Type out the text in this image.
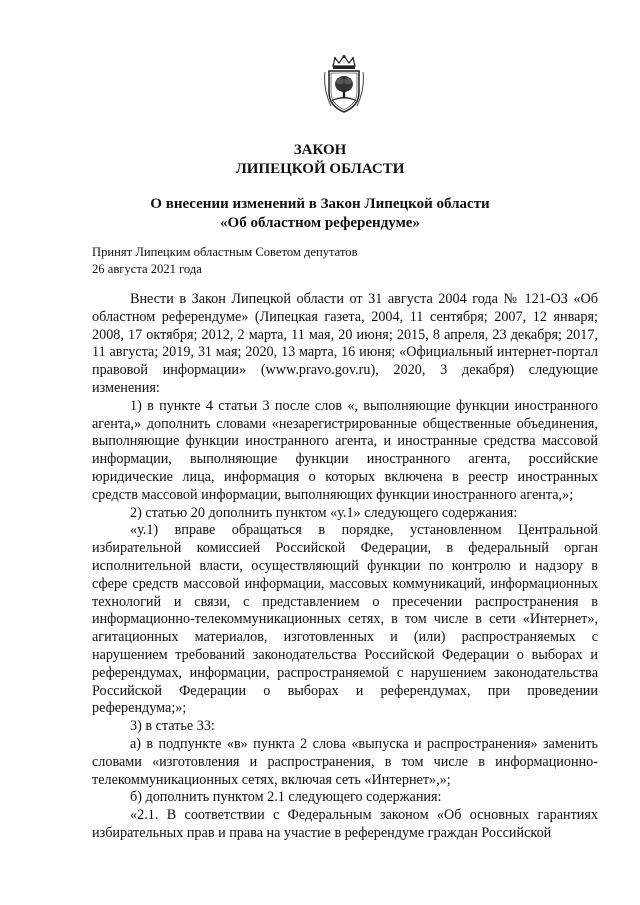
ЗАКОН
ЛИПЕЦКОЙ ОБЛАСТИ
О внесении изменений в Закон Липецкой области
«Об областном референдуме»
Принят Липецким областным Советом депутатов
26 августа 2021 года

Внести в Закон Липецкой области от 31 августа 2004 года № 121-ОЗ «Об областном референдуме» (Липецкая газета, 2004, 11 сентября; 2007, 12 января; 2008, 17 октября; 2012, 2 марта, 11 мая, 20 июня; 2015, 8 апреля, 23 декабря; 2017, 11 августа; 2019, 31 мая; 2020, 13 марта, 16 июня; «Официальный интернет-портал правовой информации» (www.pravo.gov.ru), 2020, 3 декабря) следующие изменения:

1) в пункте 4 статьи 3 после слов «, выполняющие функции иностранного агента,» дополнить словами «незарегистрированные общественные объединения, выполняющие функции иностранного агента, и иностранные средства массовой информации, выполняющие функции иностранного агента, российские юридические лица, информация о которых включена в реестр иностранных средств массовой информации, выполняющих функции иностранного агента,»;

2) статью 20 дополнить пунктом «у.1» следующего содержания:

«у.1) вправе обращаться в порядке, установленном Центральной избирательной комиссией Российской Федерации, в федеральный орган исполнительной власти, осуществляющий функции по контролю и надзору в сфере средств массовой информации, массовых коммуникаций, информационных технологий и связи, с представлением о пресечении распространения в информационно-телекоммуникационных сетях, в том числе в сети «Интернет», агитационных материалов, изготовленных и (или) распространяемых с нарушением требований законодательства Российской Федерации о выборах и референдумах, информации, распространяемой с нарушением законодательства Российской Федерации о выборах и референдумах, при проведении референдума;»;

3) в статье 33:

а) в подпункте «в» пункта 2 слова «выпуска и распространения» заменить словами «изготовления и распространения, в том числе в информационно-телекоммуникационных сетях, включая сеть «Интернет»,»;

б) дополнить пунктом 2.1 следующего содержания:

«2.1. В соответствии с Федеральным законом «Об основных гарантиях избирательных прав и права на участие в референдуме граждан Российской
